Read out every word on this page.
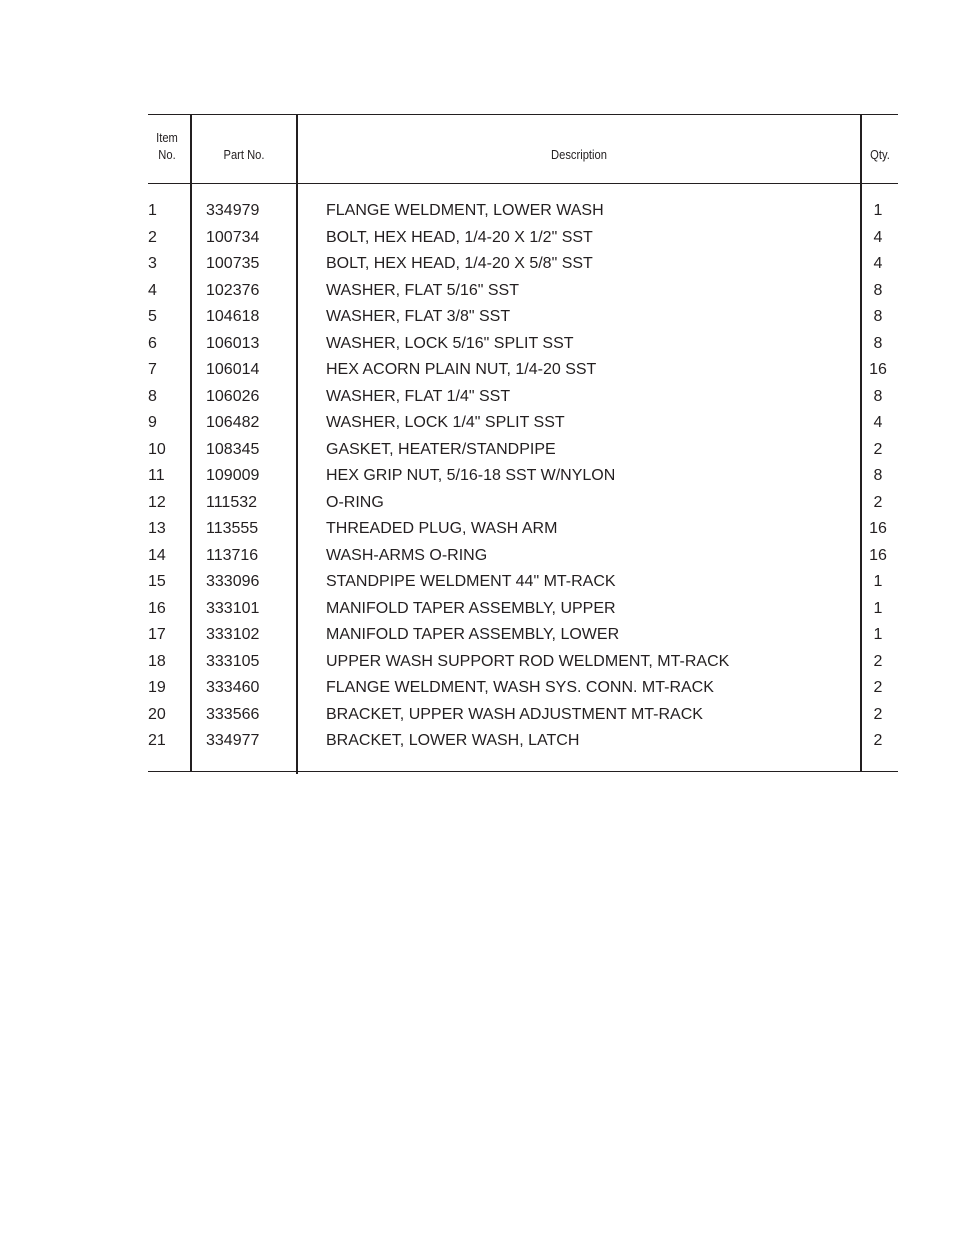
Item
No.	Part No.	Description	Qty.
1	334979	FLANGE WELDMENT, LOWER WASH	1
2	100734	BOLT, HEX HEAD, 1/4-20 X 1/2" SST	4
3	100735	BOLT, HEX HEAD, 1/4-20 X 5/8" SST	4
4	102376	WASHER, FLAT 5/16" SST	8
5	104618	WASHER, FLAT 3/8" SST	8
6	106013	WASHER, LOCK 5/16" SPLIT SST	8
7	106014	HEX ACORN PLAIN NUT, 1/4-20 SST	16
8	106026	WASHER, FLAT 1/4" SST	8
9	106482	WASHER, LOCK 1/4" SPLIT SST	4
10	108345	GASKET, HEATER/STANDPIPE	2
11	109009	HEX GRIP NUT, 5/16-18 SST W/NYLON	8
12	111532	O-RING	2
13	113555	THREADED PLUG, WASH ARM	16
14	113716	WASH-ARMS O-RING	16
15	333096	STANDPIPE WELDMENT 44" MT-RACK	1
16	333101	MANIFOLD TAPER ASSEMBLY, UPPER	1
17	333102	MANIFOLD TAPER ASSEMBLY, LOWER	1
18	333105	UPPER WASH SUPPORT ROD WELDMENT, MT-RACK	2
19	333460	FLANGE WELDMENT, WASH SYS. CONN. MT-RACK	2
20	333566	BRACKET, UPPER WASH ADJUSTMENT MT-RACK	2
21	334977	BRACKET, LOWER WASH, LATCH	2
